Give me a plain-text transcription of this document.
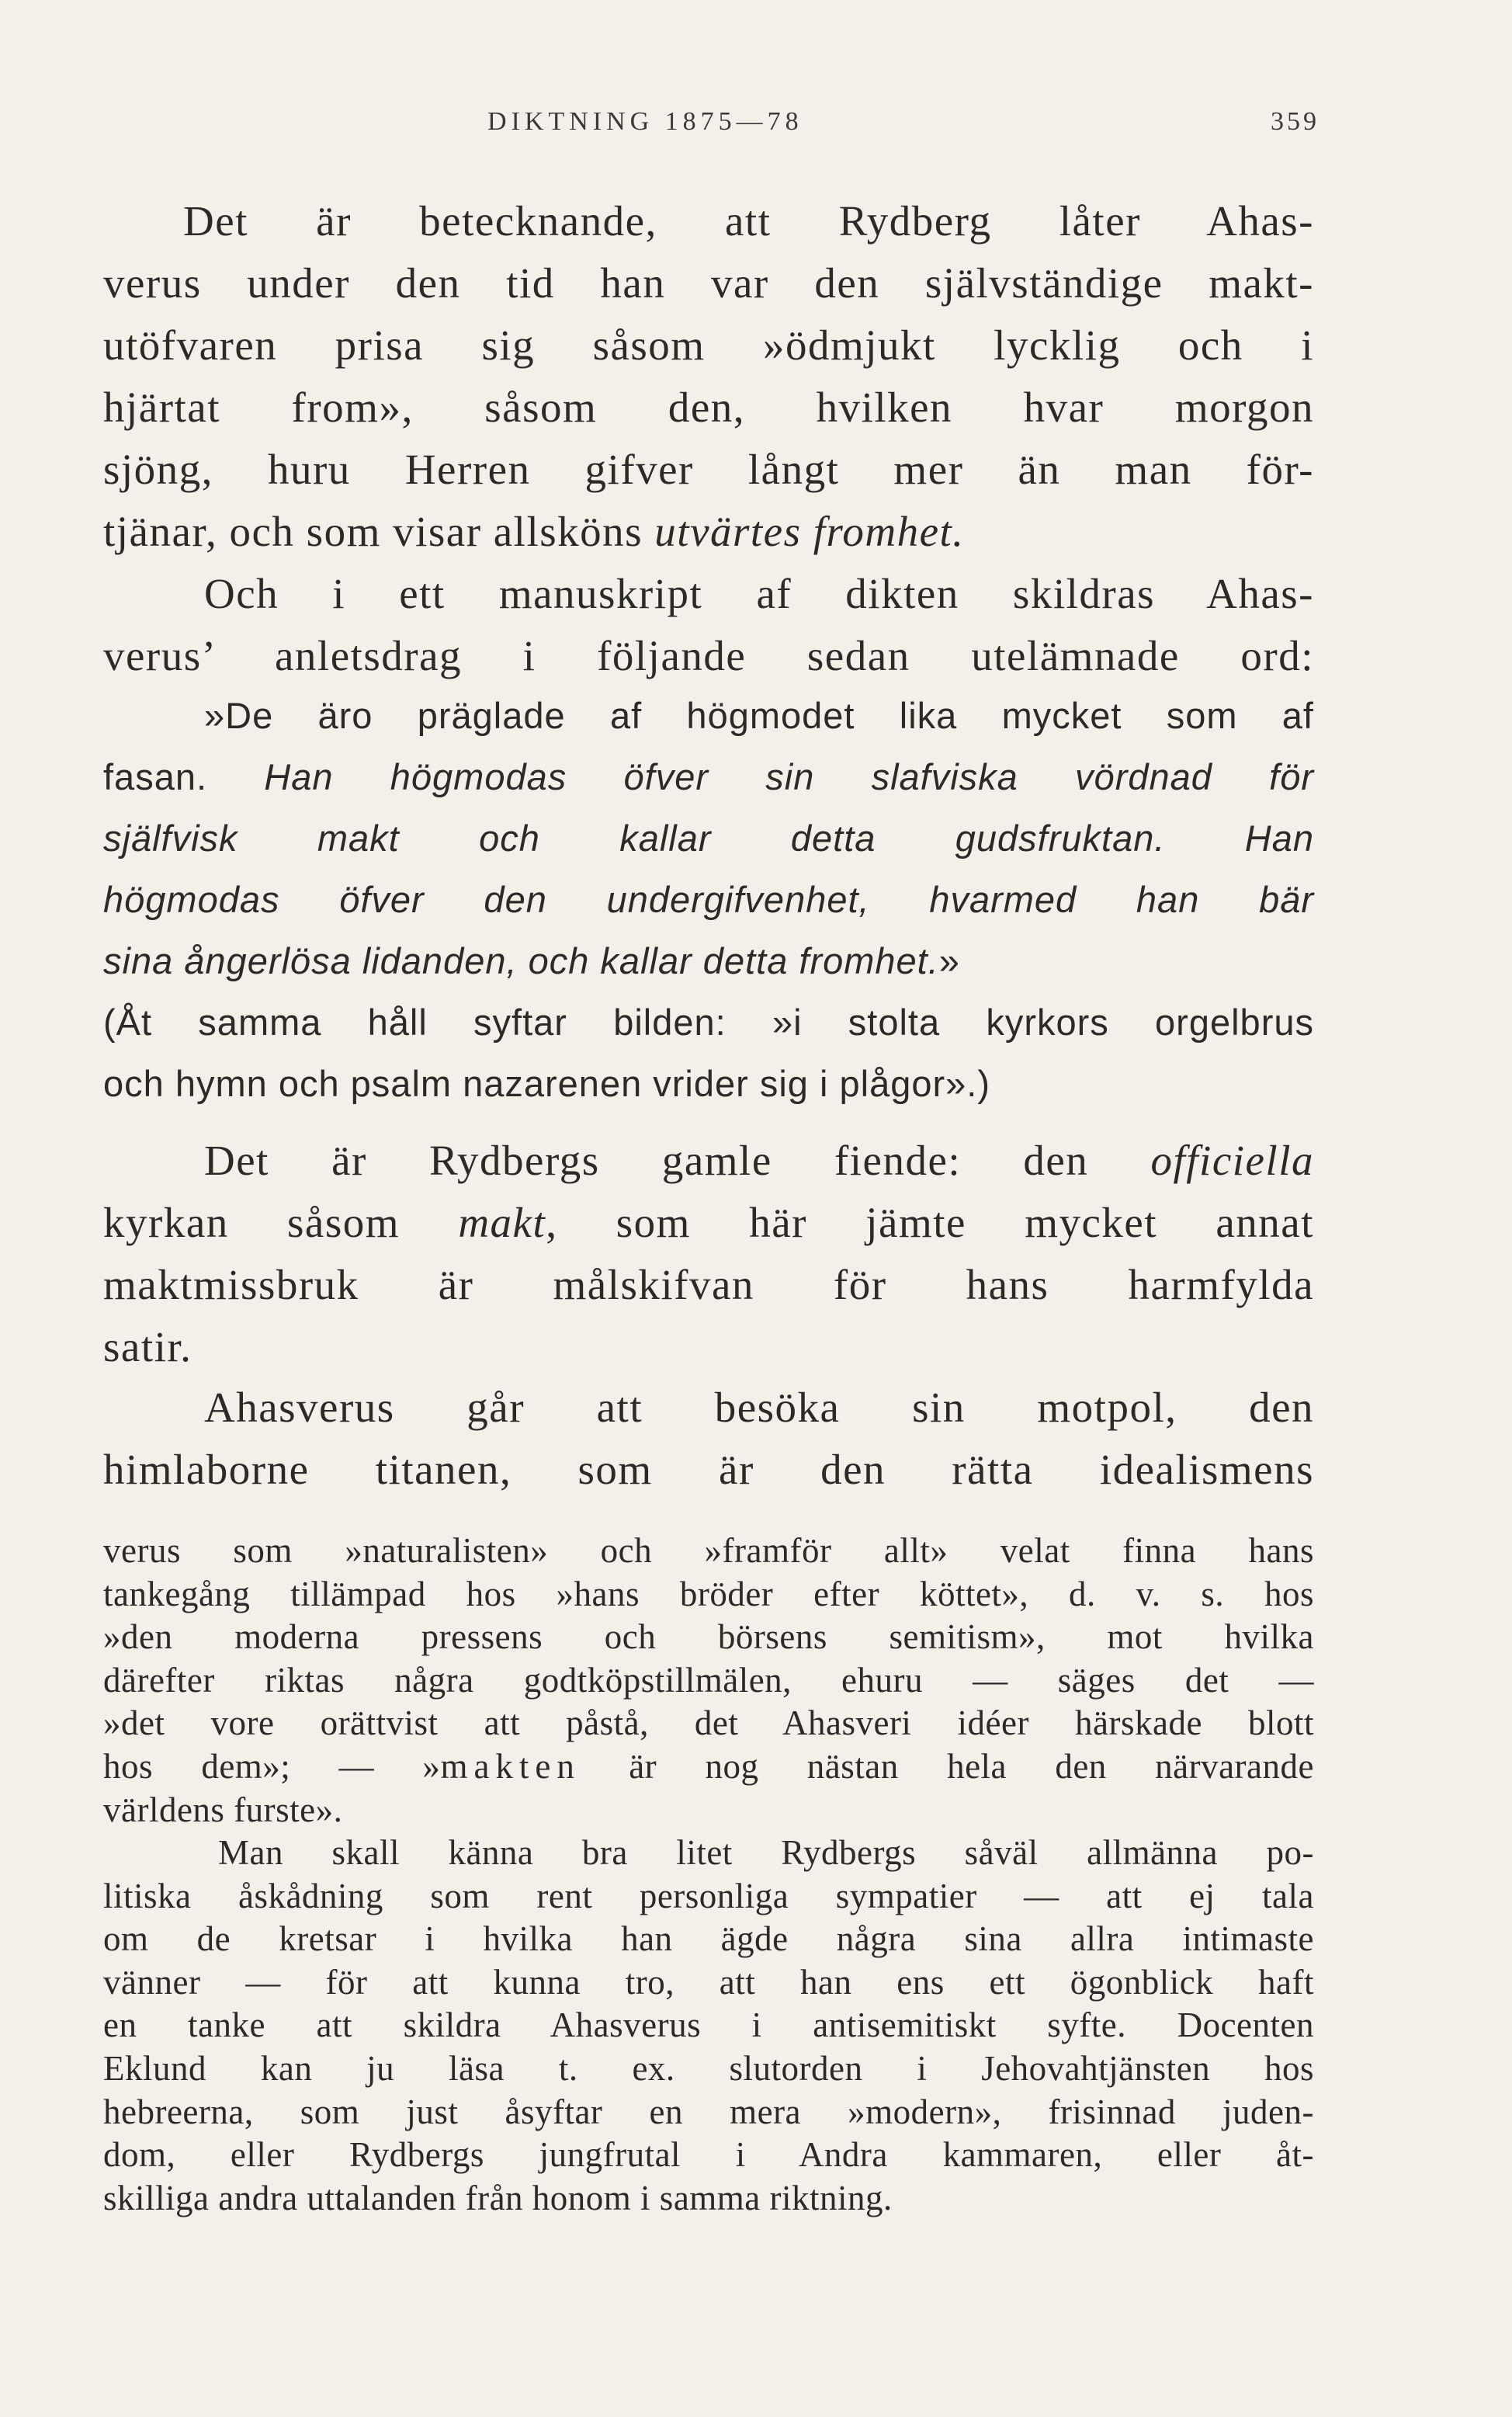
DIKTNING 1875—78	359
Det är betecknande, att Rydberg låter Ahas-
verus under den tid han var den självständige makt-
utöfvaren prisa sig såsom »ödmjukt lycklig och i
hjärtat from», såsom den, hvilken hvar morgon
sjöng, huru Herren gifver långt mer än man för-
tjänar, och som visar allsköns utvärtes fromhet.
Och i ett manuskript af dikten skildras Ahas-
verus’ anletsdrag i följande sedan utelämnade ord:
»De äro präglade af högmodet lika mycket som af
fasan. Han högmodas öfver sin slafviska vördnad för
själfvisk makt och kallar detta gudsfruktan. Han
högmodas öfver den undergifvenhet, hvarmed han bär
sina ångerlösa lidanden, och kallar detta fromhet.»
(Åt samma håll syftar bilden: »i stolta kyrkors orgelbrus
och hymn och psalm nazarenen vrider sig i plågor».)
Det är Rydbergs gamle fiende: den officiella
kyrkan såsom makt, som här jämte mycket annat
maktmissbruk är målskifvan för hans harmfylda
satir.
Ahasverus går att besöka sin motpol, den
himlaborne titanen, som är den rätta idealismens
verus som »naturalisten» och »framför allt» velat finna hans
tankegång tillämpad hos »hans bröder efter köttet», d. v. s. hos
»den moderna pressens och börsens semitism», mot hvilka
därefter riktas några godtköpstillmälen, ehuru — säges det —
»det vore orättvist att påstå, det Ahasveri idéer härskade blott
hos dem»; — »makten är nog nästan hela den närvarande
världens furste».
Man skall känna bra litet Rydbergs såväl allmänna po-
litiska åskådning som rent personliga sympatier — att ej tala
om de kretsar i hvilka han ägde några sina allra intimaste
vänner — för att kunna tro, att han ens ett ögonblick haft
en tanke att skildra Ahasverus i antisemitiskt syfte. Docenten
Eklund kan ju läsa t. ex. slutorden i Jehovahtjänsten hos
hebreerna, som just åsyftar en mera »modern», frisinnad juden-
dom, eller Rydbergs jungfrutal i Andra kammaren, eller åt-
skilliga andra uttalanden från honom i samma riktning.
